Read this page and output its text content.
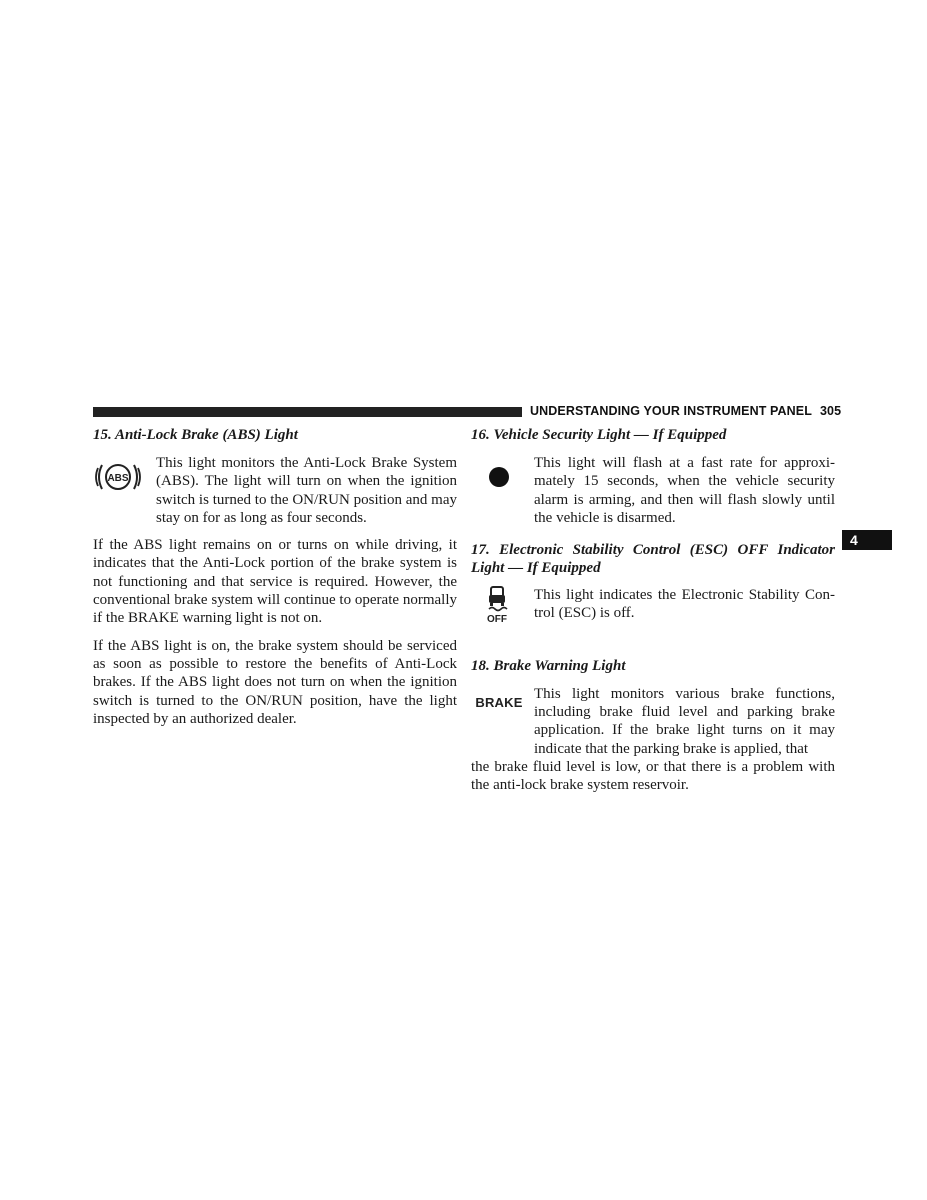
UNDERSTANDING YOUR INSTRUMENT PANEL 305
4
15. Anti-Lock Brake (ABS) Light
ABS

This light monitors the Anti-Lock Brake System (ABS). The light will turn on when the ignition switch is turned to the ON/RUN position and may stay on for as long as four seconds.

If the ABS light remains on or turns on while driving, it indicates that the Anti-Lock portion of the brake system is not functioning and that service is required. However, the conventional brake system will continue to operate normally if the BRAKE warning light is not on.

If the ABS light is on, the brake system should be serviced as soon as possible to restore the benefits of Anti-Lock brakes. If the ABS light does not turn on when the ignition switch is turned to the ON/RUN position, have the light inspected by an authorized dealer.

16. Vehicle Security Light — If Equipped

This light will flash at a fast rate for approximately 15 seconds, when the vehicle security alarm is arming, and then will flash slowly until the vehicle is disarmed.

17. Electronic Stability Control (ESC) OFF Indicator Light — If Equipped
OFF

This light indicates the Electronic Stability Control (ESC) is off.

18. Brake Warning Light
BRAKE

This light monitors various brake functions, including brake fluid level and parking brake application. If the brake light turns on it may indicate that the parking brake is applied, that

the brake fluid level is low, or that there is a problem with the anti-lock brake system reservoir.
